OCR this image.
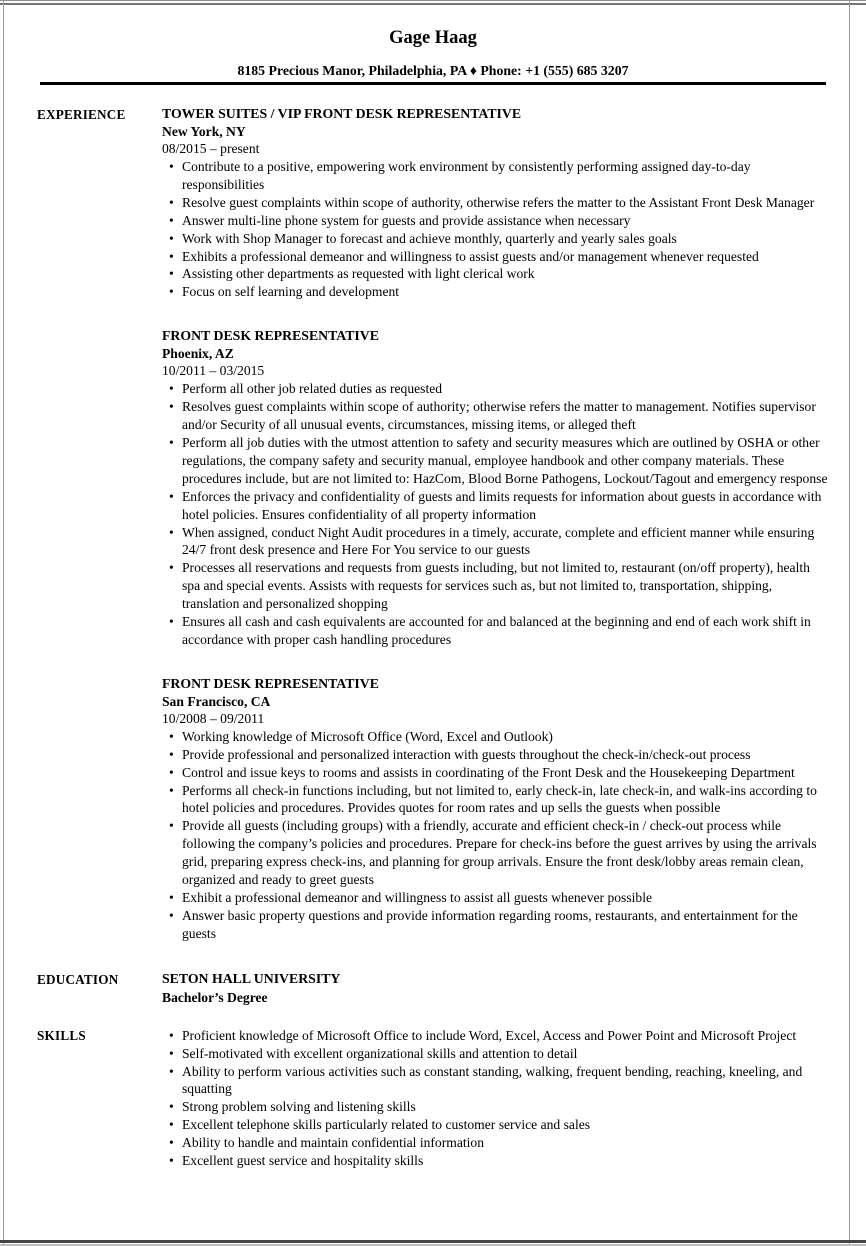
Gage Haag
8185 Precious Manor, Philadelphia, PA ♦ Phone: +1 (555) 685 3207
EXPERIENCE	TOWER SUITES / VIP FRONT DESK REPRESENTATIVE
New York, NY
08/2015 – present
• Contribute to a positive, empowering work environment by consistently performing assigned day-to-day responsibilities
• Resolve guest complaints within scope of authority, otherwise refers the matter to the Assistant Front Desk Manager
• Answer multi-line phone system for guests and provide assistance when necessary
• Work with Shop Manager to forecast and achieve monthly, quarterly and yearly sales goals
• Exhibits a professional demeanor and willingness to assist guests and/or management whenever requested
• Assisting other departments as requested with light clerical work
• Focus on self learning and development
FRONT DESK REPRESENTATIVE
Phoenix, AZ
10/2011 – 03/2015
• Perform all other job related duties as requested
• Resolves guest complaints within scope of authority; otherwise refers the matter to management. Notifies supervisor and/or Security of all unusual events, circumstances, missing items, or alleged theft
• Perform all job duties with the utmost attention to safety and security measures which are outlined by OSHA or other regulations, the company safety and security manual, employee handbook and other company materials. These procedures include, but are not limited to: HazCom, Blood Borne Pathogens, Lockout/Tagout and emergency response
• Enforces the privacy and confidentiality of guests and limits requests for information about guests in accordance with hotel policies. Ensures confidentiality of all property information
• When assigned, conduct Night Audit procedures in a timely, accurate, complete and efficient manner while ensuring 24/7 front desk presence and Here For You service to our guests
• Processes all reservations and requests from guests including, but not limited to, restaurant (on/off property), health spa and special events. Assists with requests for services such as, but not limited to, transportation, shipping, translation and personalized shopping
• Ensures all cash and cash equivalents are accounted for and balanced at the beginning and end of each work shift in accordance with proper cash handling procedures
FRONT DESK REPRESENTATIVE
San Francisco, CA
10/2008 – 09/2011
• Working knowledge of Microsoft Office (Word, Excel and Outlook)
• Provide professional and personalized interaction with guests throughout the check-in/check-out process
• Control and issue keys to rooms and assists in coordinating of the Front Desk and the Housekeeping Department
• Performs all check-in functions including, but not limited to, early check-in, late check-in, and walk-ins according to hotel policies and procedures. Provides quotes for room rates and up sells the guests when possible
• Provide all guests (including groups) with a friendly, accurate and efficient check-in / check-out process while following the company’s policies and procedures. Prepare for check-ins before the guest arrives by using the arrivals grid, preparing express check-ins, and planning for group arrivals. Ensure the front desk/lobby areas remain clean, organized and ready to greet guests
• Exhibit a professional demeanor and willingness to assist all guests whenever possible
• Answer basic property questions and provide information regarding rooms, restaurants, and entertainment for the guests
EDUCATION	SETON HALL UNIVERSITY
Bachelor’s Degree
SKILLS	• Proficient knowledge of Microsoft Office to include Word, Excel, Access and Power Point and Microsoft Project
• Self-motivated with excellent organizational skills and attention to detail
• Ability to perform various activities such as constant standing, walking, frequent bending, reaching, kneeling, and squatting
• Strong problem solving and listening skills
• Excellent telephone skills particularly related to customer service and sales
• Ability to handle and maintain confidential information
• Excellent guest service and hospitality skills
